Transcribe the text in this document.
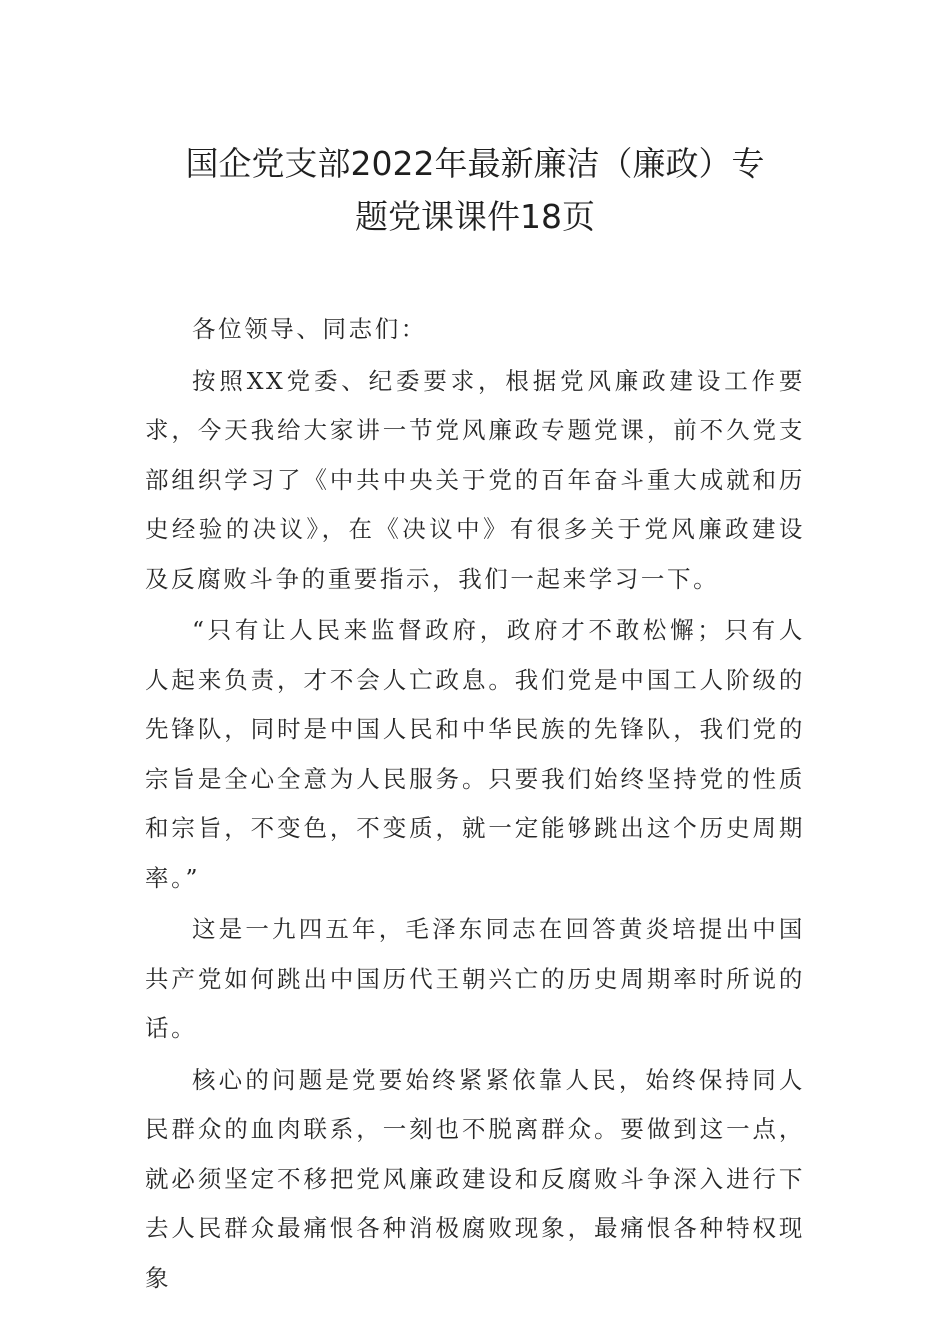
国企党支部2022年最新廉洁（廉政）专
题党课课件18页

各位领导、同志们：

按照XX党委、纪委要求，根据党风廉政建设工作要求，今天我给大家讲一节党风廉政专题党课，前不久党支部组织学习了《中共中央关于党的百年奋斗重大成就和历史经验的决议》，在《决议中》有很多关于党风廉政建设及反腐败斗争的重要指示，我们一起来学习一下。

“只有让人民来监督政府，政府才不敢松懈；只有人人起来负责，才不会人亡政息。我们党是中国工人阶级的先锋队，同时是中国人民和中华民族的先锋队，我们党的宗旨是全心全意为人民服务。只要我们始终坚持党的性质和宗旨，不变色，不变质，就一定能够跳出这个历史周期率。”

这是一九四五年，毛泽东同志在回答黄炎培提出中国共产党如何跳出中国历代王朝兴亡的历史周期率时所说的话。

核心的问题是党要始终紧紧依靠人民，始终保持同人民群众的血肉联系，一刻也不脱离群众。要做到这一点，就必须坚定不移把党风廉政建设和反腐败斗争深入进行下去人民群众最痛恨各种消极腐败现象，最痛恨各种特权现象
